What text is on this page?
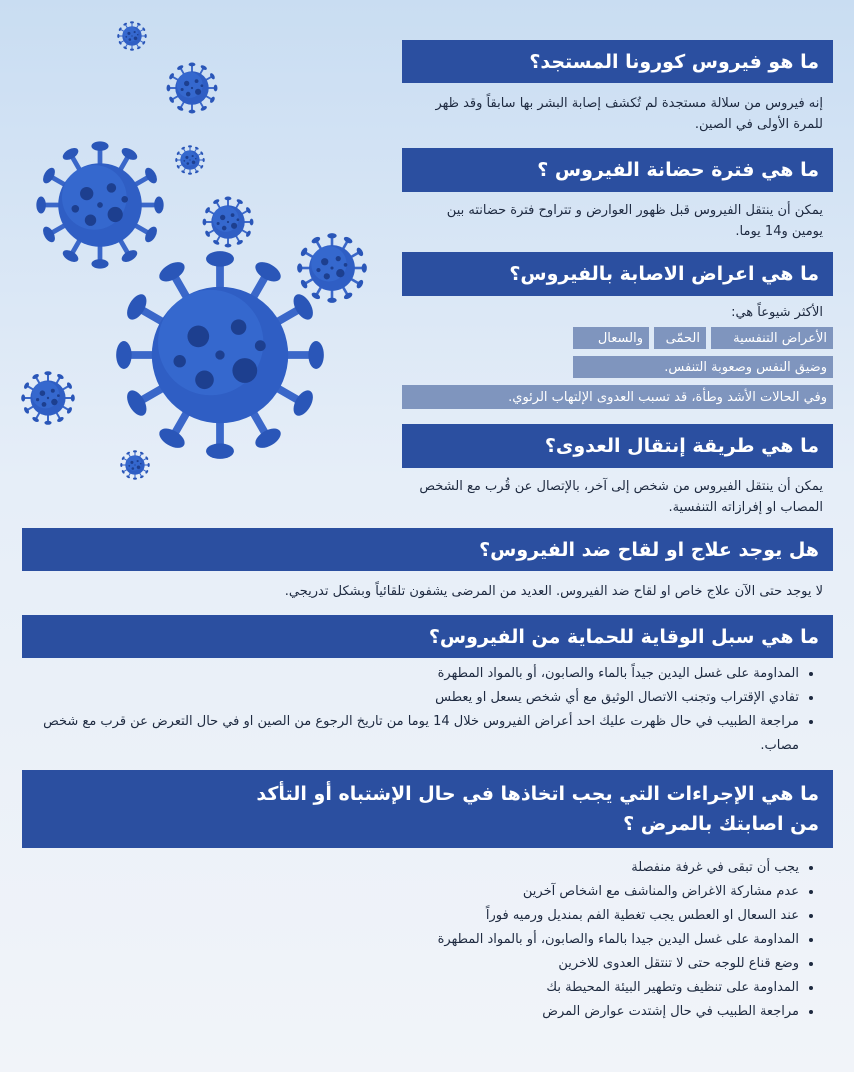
ما هو فيروس كورونا المستجد؟
إنه فيروس من سلالة مستجدة لم تُكشف إصابة البشر بها سابقاً وقد ظهر للمرة الأولى في الصين.
ما هي فترة حضانة الفيروس ؟
يمكن أن ينتقل الفيروس قبل ظهور العوارض و تتراوح فترة حضانته بين يومين و14 يوما.
ما هي اعراض الاصابة بالفيروس؟
الأكثر شيوعاً هي:
الأعراض التنفسية
الحمّى
والسعال
وضيق النفس وصعوبة التنفس.
وفي الحالات الأشد وطأة، قد تسبب العدوى الإلتهاب الرئوي.
ما هي طريقة إنتقال العدوى؟
يمكن أن ينتقل الفيروس من شخص إلى آخر، بالإتصال عن قُرب مع الشخص المصاب او إفرازاته التنفسية.
هل يوجد علاج او لقاح ضد الفيروس؟
لا يوجد حتى الآن علاج خاص او لقاح ضد الفيروس. العديد من المرضى يشفون تلقائياً وبشكل تدريجي.
ما هي سبل الوقاية للحماية من الفيروس؟
• المداومة على غسل اليدين جيداً بالماء والصابون، أو بالمواد المطهرة
• تفادي الإقتراب وتجنب الاتصال الوثيق مع أي شخص يسعل او يعطس
• مراجعة الطبيب في حال ظهرت عليك احد أعراض الفيروس خلال 14 يوما من تاريخ الرجوع من الصين او في حال التعرض عن قرب مع شخص مصاب.
ما هي الإجراءات التي يجب اتخاذها في حال الإشتباه أو التأكد
من اصابتك بالمرض ؟
• يجب أن تبقى في غرفة منفصلة
• عدم مشاركة الاغراض والمناشف مع اشخاص آخرين
• عند السعال او العطس يجب تغطية الفم بمنديل ورميه فوراً
• المداومة على غسل اليدين جيدا بالماء والصابون، أو بالمواد المطهرة
• وضع قناع للوجه حتى لا تنتقل العدوى للاخرين
• المداومة على تنظيف وتطهير البيئة المحيطة بك
• مراجعة الطبيب في حال إشتدت عوارض المرض
